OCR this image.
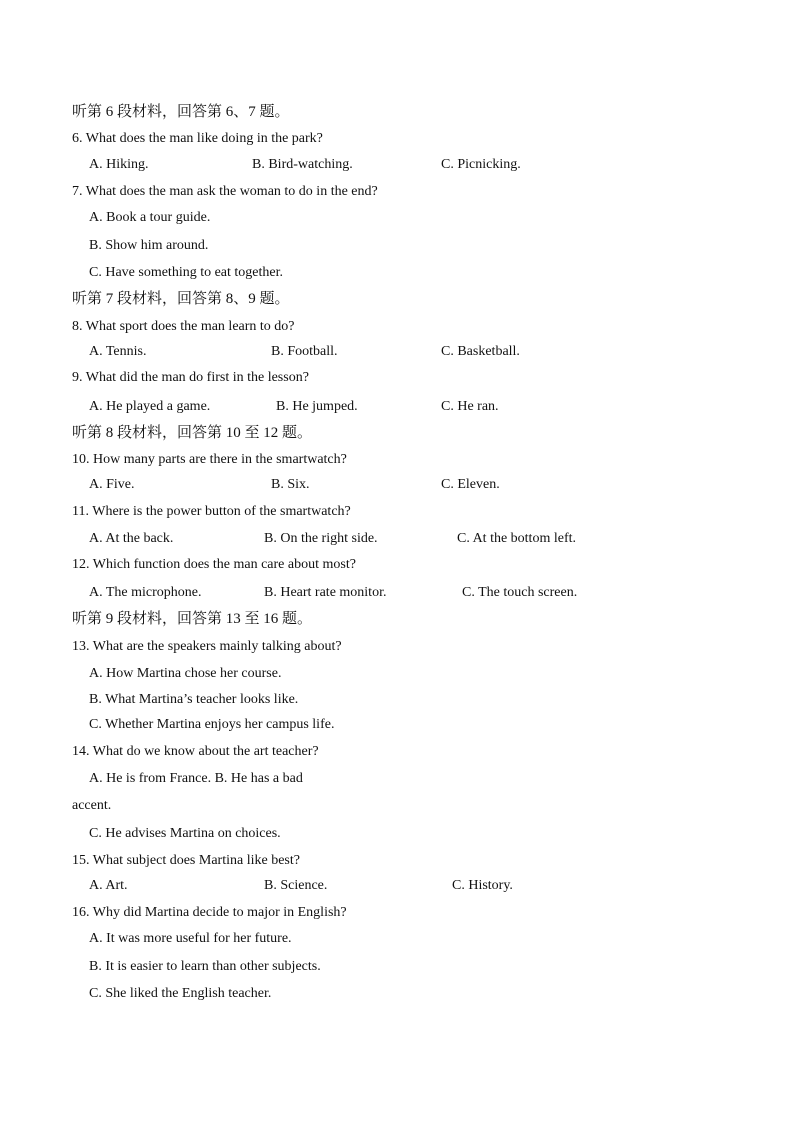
听第 6 段材料，回答第 6、7 题。
6. What does the man like doing in the park?
A. Hiking.	B. Bird-watching.	C. Picnicking.
7. What does the man ask the woman to do in the end?
A. Book a tour guide.
B. Show him around.
C. Have something to eat together.
听第 7 段材料，回答第 8、9 题。
8. What sport does the man learn to do?
A. Tennis.	B. Football.	C. Basketball.
9. What did the man do first in the lesson?
A. He played a game.	B. He jumped.	C. He ran.
听第 8 段材料，回答第 10 至 12 题。
10. How many parts are there in the smartwatch?
A. Five.	B. Six.	C. Eleven.
11. Where is the power button of the smartwatch?
A. At the back.	B. On the right side.	C. At the bottom left.
12. Which function does the man care about most?
A. The microphone.	B. Heart rate monitor.	C. The touch screen.
听第 9 段材料，回答第 13 至 16 题。
13. What are the speakers mainly talking about?
A. How Martina chose her course.
B. What Martina’s teacher looks like.
C. Whether Martina enjoys her campus life.
14. What do we know about the art teacher?
A. He is from France. B. He has a bad
accent.
C. He advises Martina on choices.
15. What subject does Martina like best?
A. Art.	B. Science.	C. History.
16. Why did Martina decide to major in English?
A. It was more useful for her future.
B. It is easier to learn than other subjects.
C. She liked the English teacher.
